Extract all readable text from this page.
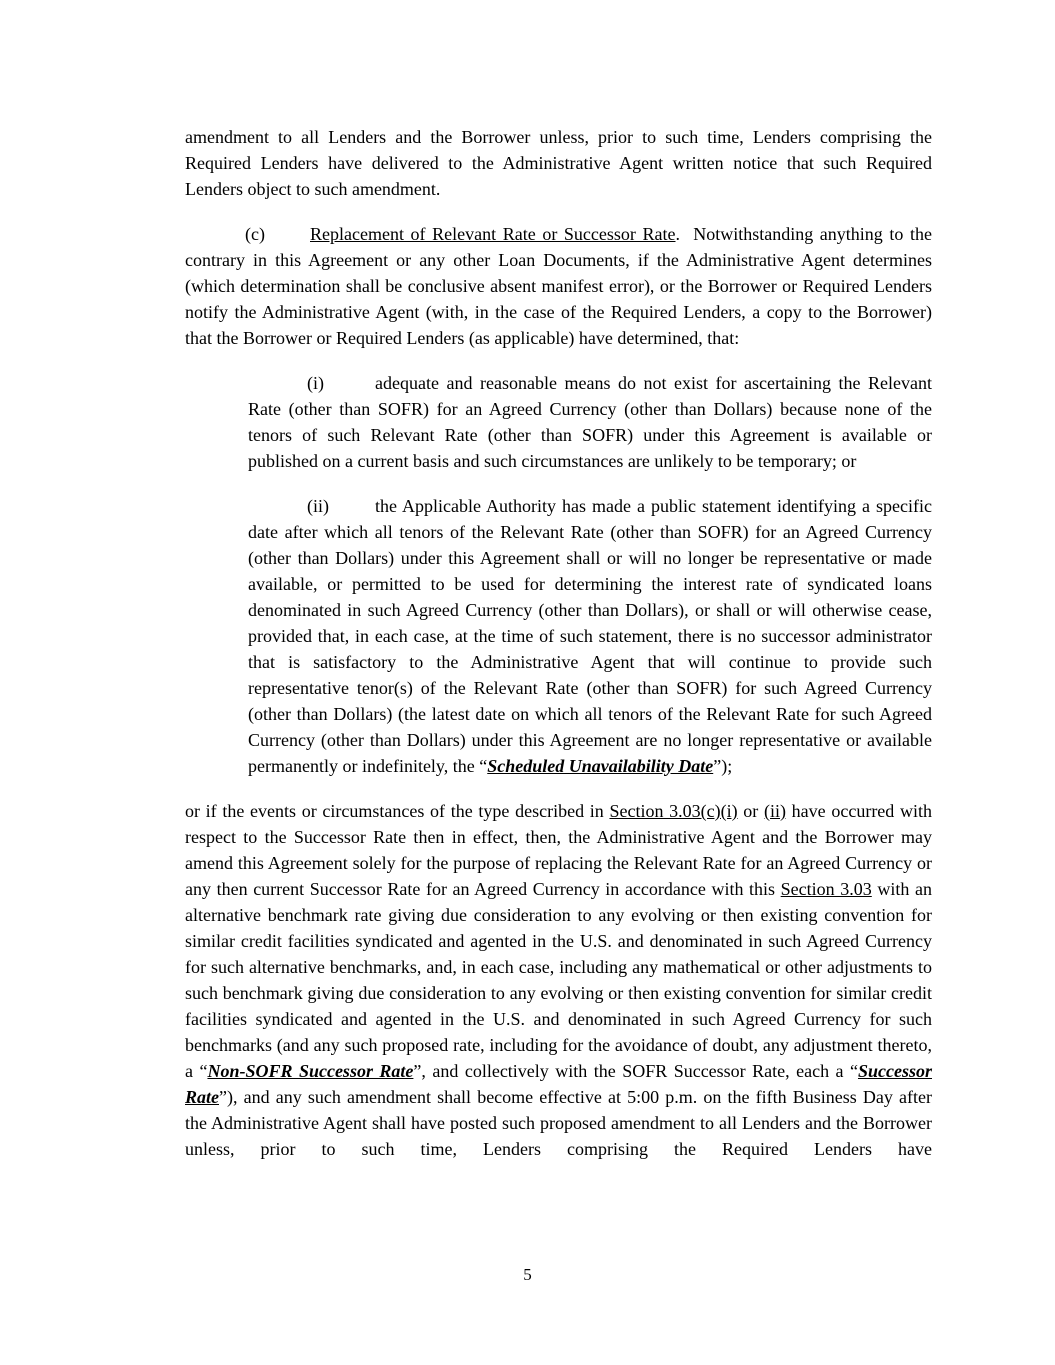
amendment to all Lenders and the Borrower unless, prior to such time, Lenders comprising the Required Lenders have delivered to the Administrative Agent written notice that such Required Lenders object to such amendment.

(c)	Replacement of Relevant Rate or Successor Rate.  Notwithstanding anything to the contrary in this Agreement or any other Loan Documents, if the Administrative Agent determines (which determination shall be conclusive absent manifest error), or the Borrower or Required Lenders notify the Administrative Agent (with, in the case of the Required Lenders, a copy to the Borrower) that the Borrower or Required Lenders (as applicable) have determined, that:

(i)	adequate and reasonable means do not exist for ascertaining the Relevant Rate (other than SOFR) for an Agreed Currency (other than Dollars) because none of the tenors of such Relevant Rate (other than SOFR) under this Agreement is available or published on a current basis and such circumstances are unlikely to be temporary; or

(ii)	the Applicable Authority has made a public statement identifying a specific date after which all tenors of the Relevant Rate (other than SOFR) for an Agreed Currency (other than Dollars) under this Agreement shall or will no longer be representative or made available, or permitted to be used for determining the interest rate of syndicated loans denominated in such Agreed Currency (other than Dollars), or shall or will otherwise cease, provided that, in each case, at the time of such statement, there is no successor administrator that is satisfactory to the Administrative Agent that will continue to provide such representative tenor(s) of the Relevant Rate (other than SOFR) for such Agreed Currency (other than Dollars) (the latest date on which all tenors of the Relevant Rate for such Agreed Currency (other than Dollars) under this Agreement are no longer representative or available permanently or indefinitely, the “Scheduled Unavailability Date”);

or if the events or circumstances of the type described in Section 3.03(c)(i) or (ii) have occurred with respect to the Successor Rate then in effect, then, the Administrative Agent and the Borrower may amend this Agreement solely for the purpose of replacing the Relevant Rate for an Agreed Currency or any then current Successor Rate for an Agreed Currency in accordance with this Section 3.03 with an alternative benchmark rate giving due consideration to any evolving or then existing convention for similar credit facilities syndicated and agented in the U.S. and denominated in such Agreed Currency for such alternative benchmarks, and, in each case, including any mathematical or other adjustments to such benchmark giving due consideration to any evolving or then existing convention for similar credit facilities syndicated and agented in the U.S. and denominated in such Agreed Currency for such benchmarks (and any such proposed rate, including for the avoidance of doubt, any adjustment thereto, a “Non-SOFR Successor Rate”, and collectively with the SOFR Successor Rate, each a “Successor Rate”), and any such amendment shall become effective at 5:00 p.m. on the fifth Business Day after the Administrative Agent shall have posted such proposed amendment to all Lenders and the Borrower unless, prior to such time, Lenders comprising the Required Lenders have

5
